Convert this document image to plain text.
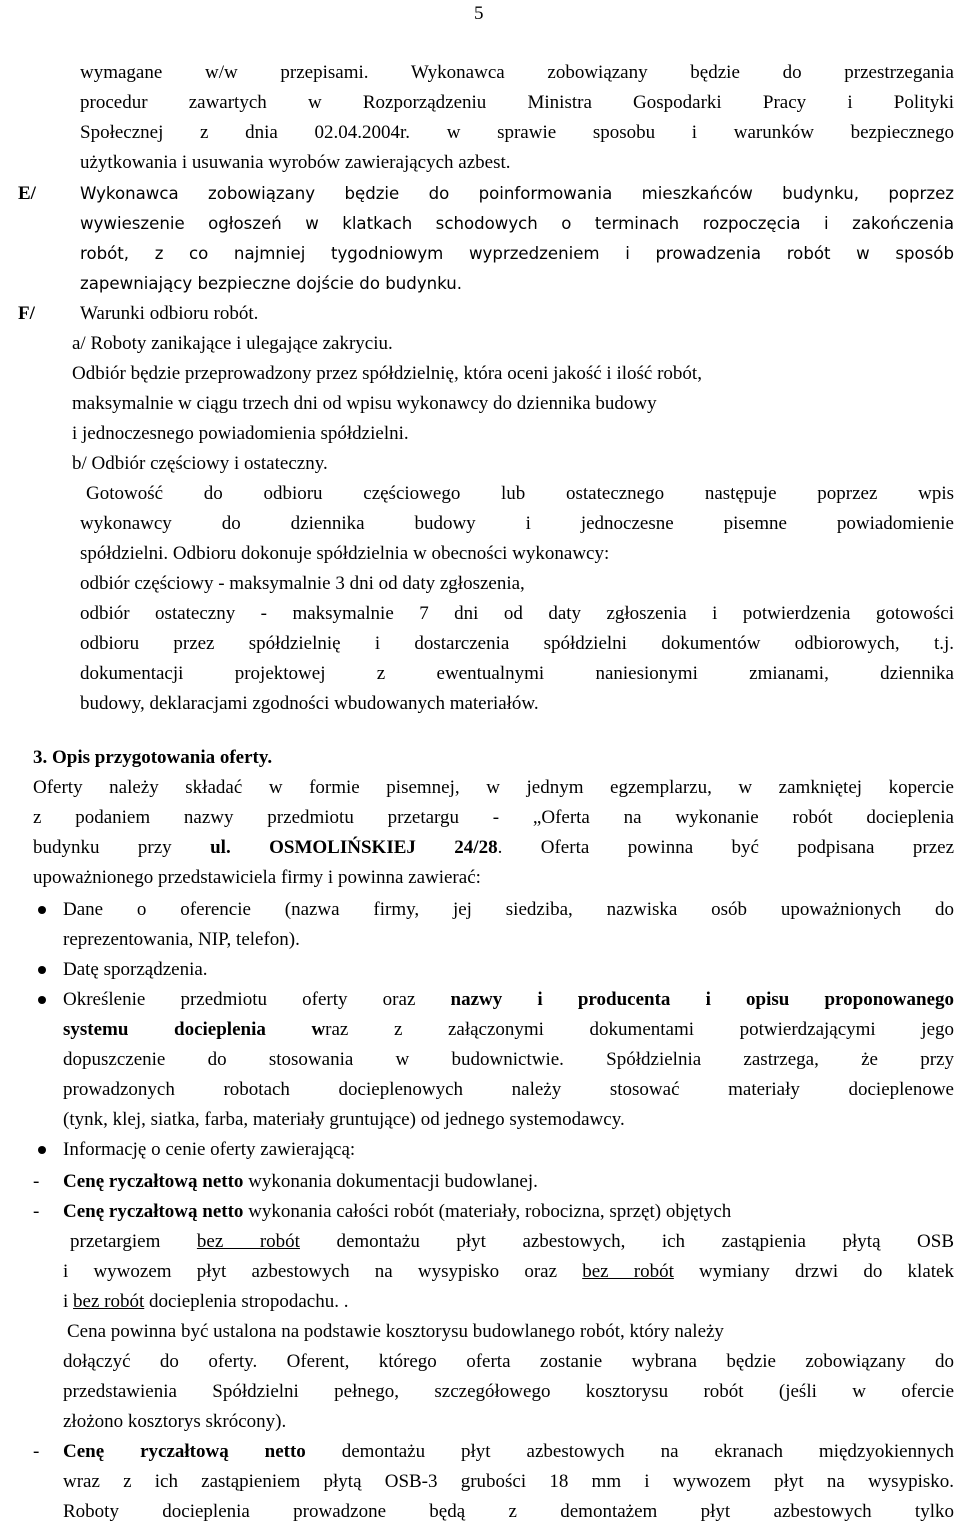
5
wymagane w/w przepisami. Wykonawca zobowiązany będzie do przestrzegania
procedur zawartych w Rozporządzeniu Ministra Gospodarki Pracy i Polityki
Społecznej z dnia 02.04.2004r. w sprawie sposobu i warunków bezpiecznego
użytkowania i usuwania wyrobów zawierających azbest.
E/	Wykonawca zobowiązany będzie do poinformowania mieszkańców budynku, poprzez
wywieszenie ogłoszeń w klatkach schodowych o terminach rozpoczęcia i zakończenia
robót, z co najmniej tygodniowym wyprzedzeniem i prowadzenia robót w sposób
zapewniający bezpieczne dojście do budynku.
F/ Warunki odbioru robót.
a/ Roboty zanikające i ulegające zakryciu.
Odbiór będzie przeprowadzony przez spółdzielnię, która oceni jakość i ilość robót,
maksymalnie w ciągu trzech dni od wpisu wykonawcy do dziennika budowy
i jednoczesnego powiadomienia spółdzielni.
b/ Odbiór częściowy i ostateczny.
Gotowość do odbioru częściowego lub ostatecznego następuje poprzez wpis
wykonawcy do dziennika budowy i jednoczesne pisemne powiadomienie
spółdzielni. Odbioru dokonuje spółdzielnia w obecności wykonawcy:
odbiór częściowy - maksymalnie 3 dni od daty zgłoszenia,
odbiór ostateczny - maksymalnie 7 dni od daty zgłoszenia i potwierdzenia gotowości
odbioru przez spółdzielnię i dostarczenia spółdzielni dokumentów odbiorowych, t.j.
dokumentacji projektowej z ewentualnymi naniesionymi zmianami, dziennika
budowy, deklaracjami zgodności wbudowanych materiałów.
3. Opis przygotowania oferty.
Oferty należy składać w formie pisemnej, w jednym egzemplarzu, w zamkniętej kopercie
z podaniem nazwy przedmiotu przetargu - „Oferta na wykonanie robót docieplenia
budynku przy ul. OSMOLIŃSKIEJ 24/28. Oferta powinna być podpisana przez
upoważnionego przedstawiciela firmy i powinna zawierać:
Dane o oferencie (nazwa firmy, jej siedziba, nazwiska osób upoważnionych do
reprezentowania, NIP, telefon).
Datę sporządzenia.
Określenie przedmiotu oferty oraz nazwy i producenta i opisu proponowanego
systemu docieplenia wraz z załączonymi dokumentami potwierdzającymi jego
dopuszczenie do stosowania w budownictwie. Spółdzielnia zastrzega, że przy
prowadzonych robotach docieplenowych należy stosować materiały docieplenowe
(tynk, klej, siatka, farba, materiały gruntujące) od jednego systemodawcy.
Informację o cenie oferty zawierającą:
- Cenę ryczałtową netto wykonania dokumentacji budowlanej.
- Cenę ryczałtową netto wykonania całości robót (materiały, robocizna, sprzęt) objętych
przetargiem bez robót demontażu płyt azbestowych, ich zastąpienia płytą OSB
i wywozem płyt azbestowych na wysypisko oraz bez robót wymiany drzwi do klatek
i bez robót docieplenia stropodachu. .
Cena powinna być ustalona na podstawie kosztorysu budowlanego robót, który należy
dołączyć do oferty. Oferent, którego oferta zostanie wybrana będzie zobowiązany do
przedstawienia Spółdzielni pełnego, szczegółowego kosztorysu robót (jeśli w ofercie
złożono kosztorys skrócony).
- Cenę ryczałtową netto demontażu płyt azbestowych na ekranach międzyokiennych
wraz z ich zastąpieniem płytą OSB-3 grubości 18 mm i wywozem płyt na wysypisko.
Roboty docieplenia prowadzone będą z demontażem płyt azbestowych tylko
